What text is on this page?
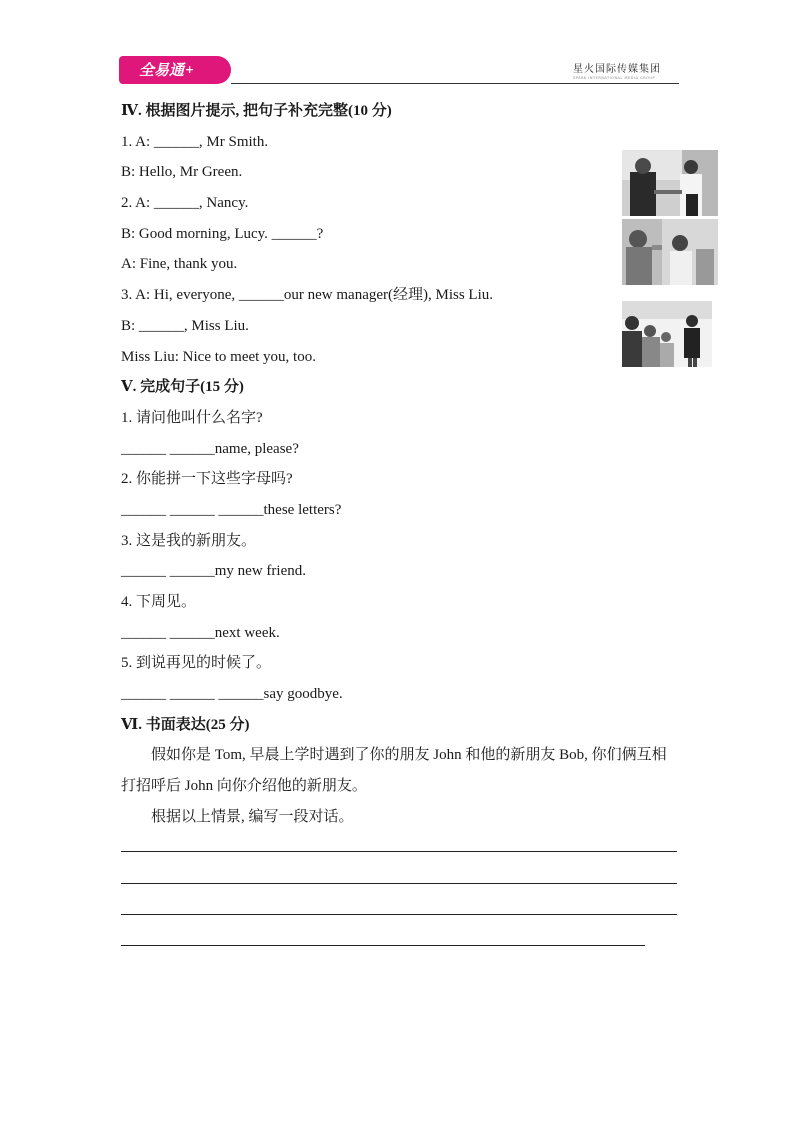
全易通+	星火国际传媒集团
SPARK INTERNATIONAL MEDIA GROUP
Ⅳ. 根据图片提示, 把句子补充完整(10 分)
1. A: ______, Mr Smith.
B: Hello, Mr Green.
2. A: ______, Nancy.
B: Good morning, Lucy. ______?
A: Fine, thank you.
3. A: Hi, everyone, ______our new manager(经理), Miss Liu.
B: ______, Miss Liu.
Miss Liu: Nice to meet you, too.
Ⅴ. 完成句子(15 分)
1. 请问他叫什么名字?
______ ______name, please?
2. 你能拼一下这些字母吗?
______ ______ ______these letters?
3. 这是我的新朋友。
______ ______my new friend.
4. 下周见。
______ ______next week.
5. 到说再见的时候了。
______ ______ ______say goodbye.
Ⅵ. 书面表达(25 分)
假如你是 Tom, 早晨上学时遇到了你的朋友 John 和他的新朋友 Bob, 你们俩互相打招呼后 John 向你介绍他的新朋友。
根据以上情景, 编写一段对话。
